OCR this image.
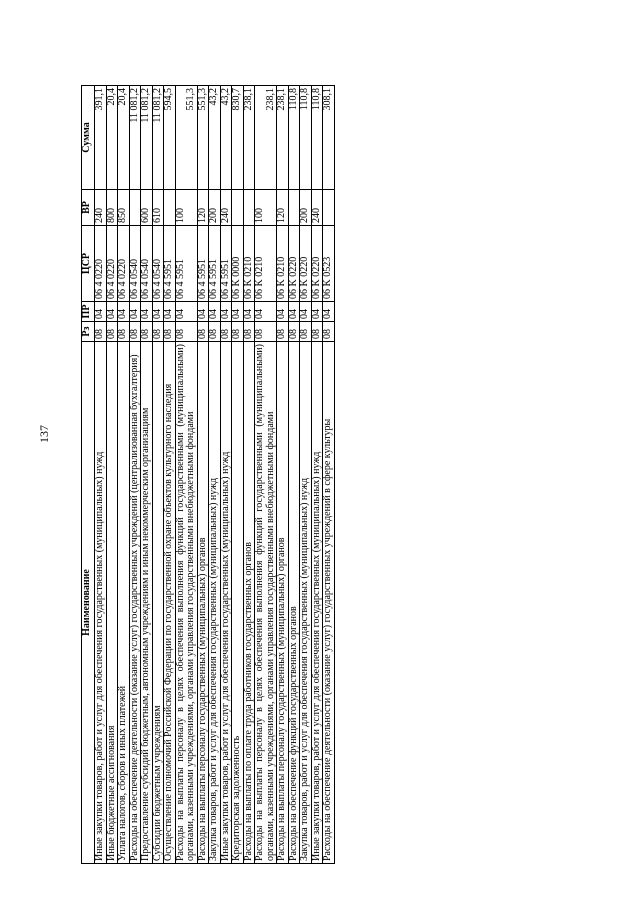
137
Наименование	Рз	ПР	ЦСР	ВР	Сумма
Иные закупки товаров, работ и услуг для обеспечения государственных (муниципальных) нужд	08	04	06 4 0220	240	391,1
Иные бюджетные ассигнования	08	04	06 4 0220	800	20,4
Уплата налогов, сборов и иных платежей	08	04	06 4 0220	850	20,4
Расходы на обеспечение деятельности (оказание услуг) государственных учреждений (централизованная бухгалтерия)	08	04	06 4 0540		11 081,2
Предоставление субсидий бюджетным, автономным учреждениям и иным некоммерческим организациям	08	04	06 4 0540	600	11 081,2
Субсидии бюджетным учреждениям	08	04	06 4 0540	610	11 081,2
Осуществление полномочий Российской Федерации по государственной охране объектов культурного наследия	08	04	06 4 5951		594,5
Расходы на выплаты персоналу в целях обеспечения выполнения функций государственными (муниципальными) органами, казенными учреждениями, органами управления государственными внебюджетными фондами	08	04	06 4 5951	100	551,3
Расходы на выплаты персоналу государственных (муниципальных) органов	08	04	06 4 5951	120	551,3
Закупка товаров, работ и услуг для обеспечения государственных (муниципальных) нужд	08	04	06 4 5951	200	43,2
Иные закупки товаров, работ и услуг для обеспечения государственных (муниципальных) нужд	08	04	06 4 5951	240	43,2
Кредиторская задолженность	08	04	06 K 0000		830,7
Расходы на выплаты по оплате труда работников государственных органов	08	04	06 K 0210		238,1
Расходы на выплаты персоналу в целях обеспечения выполнения функций государственными (муниципальными) органами, казенными учреждениями, органами управления государственными внебюджетными фондами	08	04	06 K 0210	100	238,1
Расходы на выплаты персоналу государственных (муниципальных) органов	08	04	06 K 0210	120	238,1
Расходы на обеспечение функций государственных органов	08	04	06 K 0220		110,8
Закупка товаров, работ и услуг для обеспечения государственных (муниципальных) нужд	08	04	06 K 0220	200	110,8
Иные закупки товаров, работ и услуг для обеспечения государственных (муниципальных) нужд	08	04	06 K 0220	240	110,8
Расходы на обеспечение деятельности (оказание услуг) государственных учреждений в сфере культуры	08	04	06 K 0523		308,1
